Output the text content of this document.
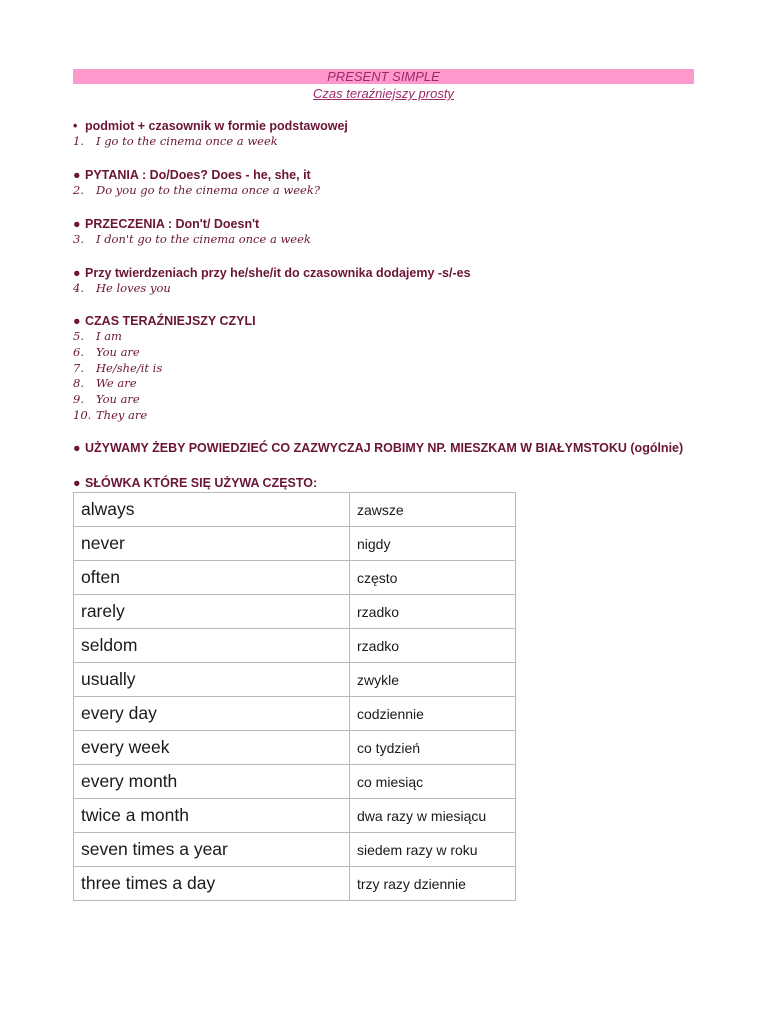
PRESENT SIMPLE
Czas teraźniejszy prosty
• podmiot + czasownik w formie podstawowej
1. I go to the cinema once a week
● PYTANIA : Do/Does? Does - he, she, it
2. Do you go to the cinema once a week?
● PRZECZENIA : Don't/ Doesn't
3. I don't go to the cinema once a week
● Przy twierdzeniach przy he/she/it do czasownika dodajemy -s/-es
4. He loves you
● CZAS TERAŹNIEJSZY CZYLI
5. I am
6. You are
7. He/she/it is
8. We are
9. You are
10. They are
● UŻYWAMY ŻEBY POWIEDZIEĆ CO ZAZWYCZAJ ROBIMY NP. MIESZKAM W BIAŁYMSTOKU (ogólnie)
● SŁÓWKA KTÓRE SIĘ UŻYWA CZĘSTO:
always	zawsze
never	nigdy
often	często
rarely	rzadko
seldom	rzadko
usually	zwykle
every day	codziennie
every week	co tydzień
every month	co miesiąc
twice a month	dwa razy w miesiącu
seven times a year	siedem razy w roku
three times a day	trzy razy dziennie
